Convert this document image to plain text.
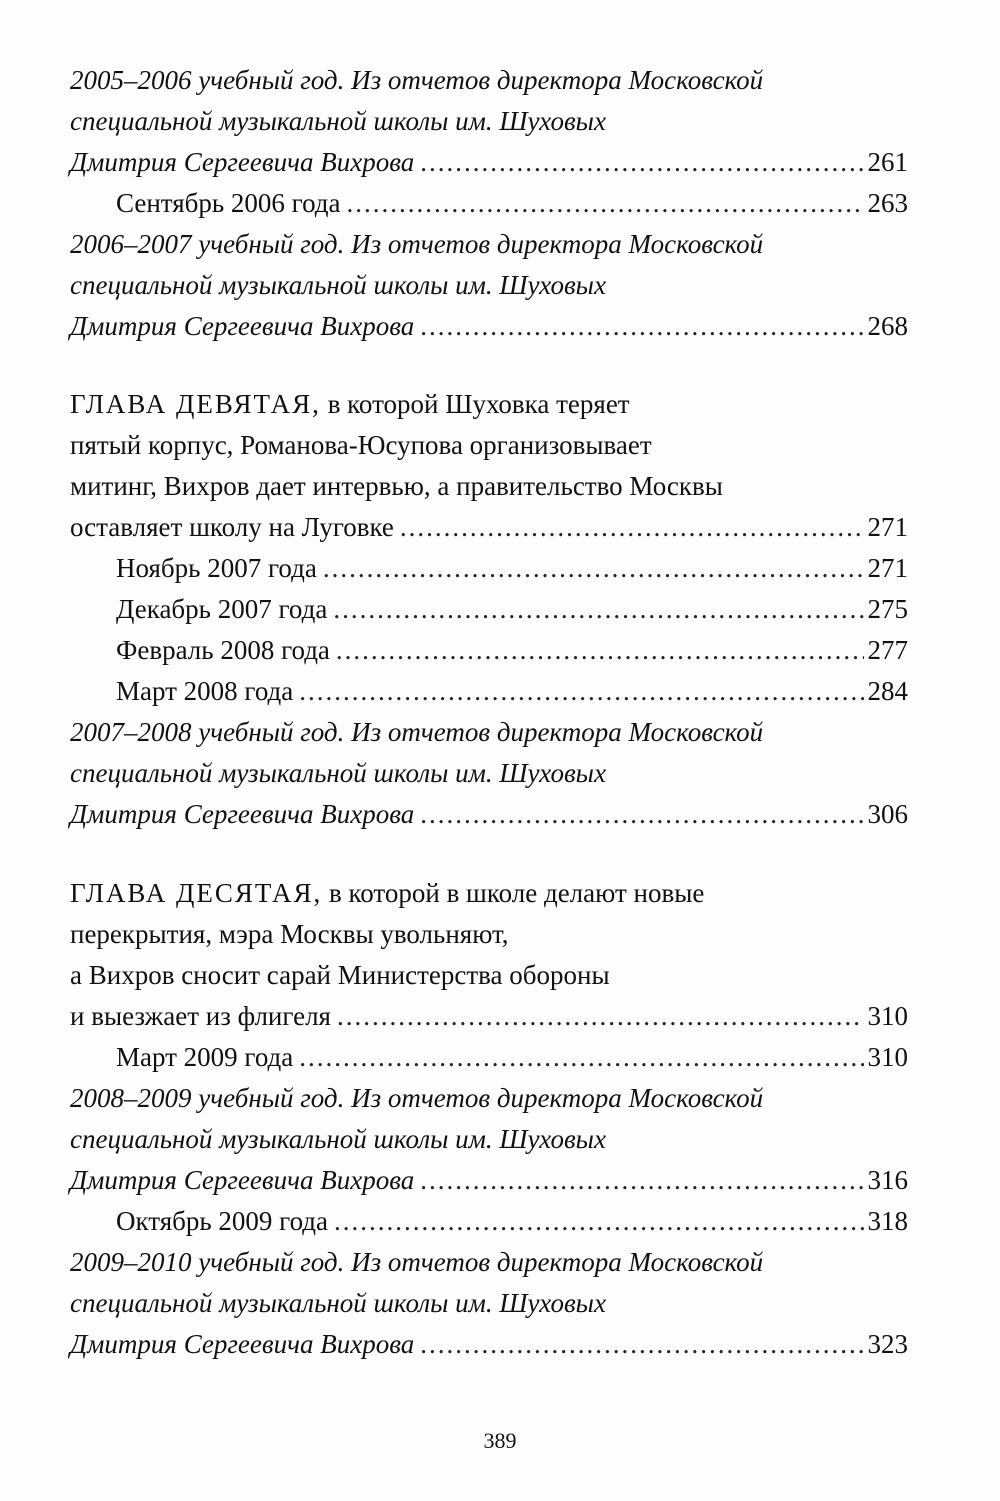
2005–2006 учебный год. Из отчетов директора Московской
специальной музыкальной школы им. Шуховых
Дмитрия Сергеевича Вихрова .....	261
Сентябрь 2006 года .....	263
2006–2007 учебный год. Из отчетов директора Московской
специальной музыкальной школы им. Шуховых
Дмитрия Сергеевича Вихрова .....	268
ГЛАВА ДЕВЯТАЯ, в которой Шуховка теряет
пятый корпус, Романова-Юсупова организовывает
митинг, Вихров дает интервью, а правительство Москвы
оставляет школу на Луговке .....	271
Ноябрь 2007 года .....	271
Декабрь 2007 года .....	275
Февраль 2008 года .....	277
Март 2008 года .....	284
2007–2008 учебный год. Из отчетов директора Московской
специальной музыкальной школы им. Шуховых
Дмитрия Сергеевича Вихрова .....	306
ГЛАВА ДЕСЯТАЯ, в которой в школе делают новые
перекрытия, мэра Москвы увольняют,
а Вихров сносит сарай Министерства обороны
и выезжает из флигеля .....	310
Март 2009 года .....	310
2008–2009 учебный год. Из отчетов директора Московской
специальной музыкальной школы им. Шуховых
Дмитрия Сергеевича Вихрова .....	316
Октябрь 2009 года .....	318
2009–2010 учебный год. Из отчетов директора Московской
специальной музыкальной школы им. Шуховых
Дмитрия Сергеевича Вихрова .....	323
389
